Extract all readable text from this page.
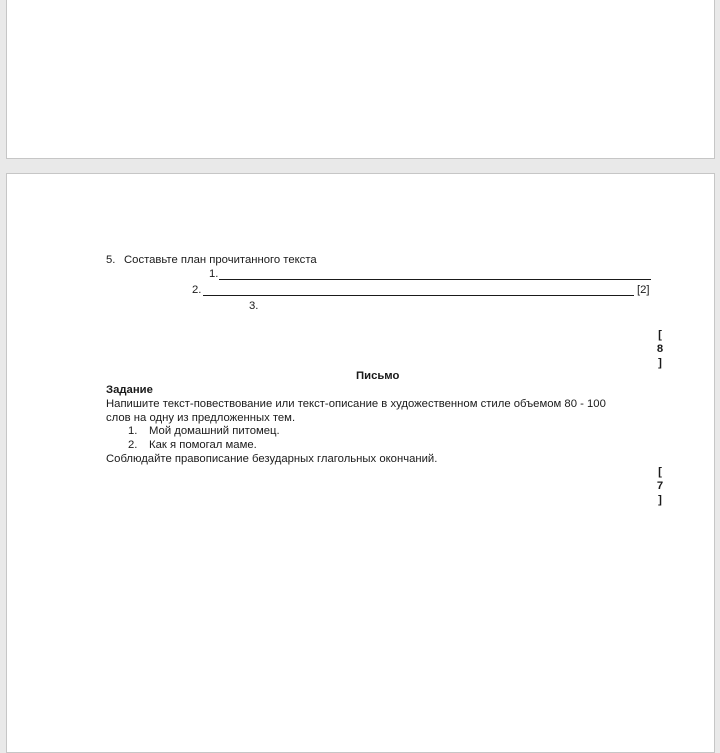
5. Составьте план прочитанного текста
1.
2.	[2]
3.
[
8
]
Письмо
Задание
Напишите текст-повествование или текст-описание в художественном стиле объемом 80 - 100
слов на одну из предложенных тем.
1. Мой домашний питомец.
2. Как я помогал маме.
Соблюдайте правописание безударных глагольных окончаний.
[
7
]
